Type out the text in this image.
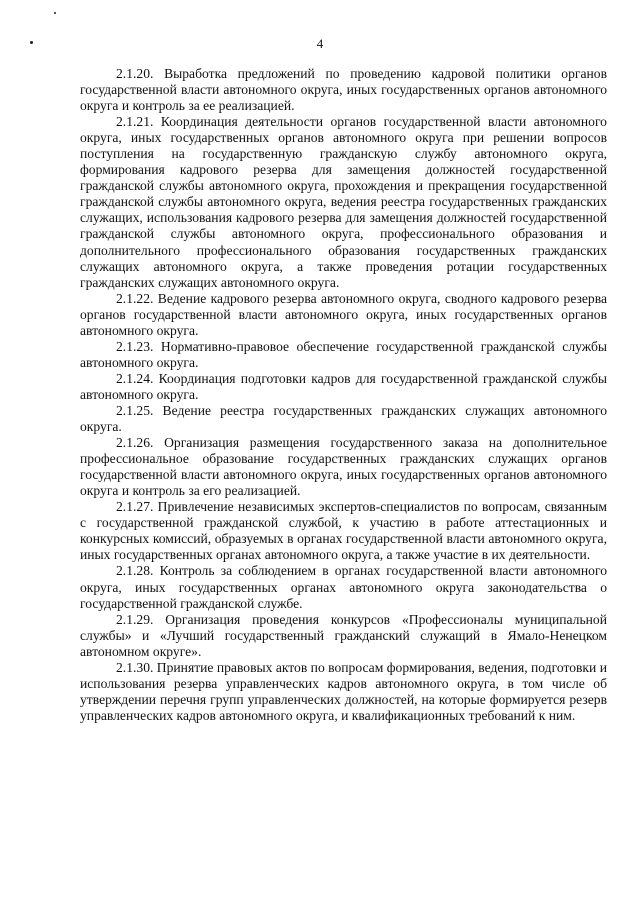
4

2.1.20. Выработка предложений по проведению кадровой политики органов государственной власти автономного округа, иных государственных органов автономного округа и контроль за ее реализацией.

2.1.21. Координация деятельности органов государственной власти автономного округа, иных государственных органов автономного округа при решении вопросов поступления на государственную гражданскую службу автономного округа, формирования кадрового резерва для замещения должностей государственной гражданской службы автономного округа, прохождения и прекращения государственной гражданской службы автономного округа, ведения реестра государственных гражданских служащих, использования кадрового резерва для замещения должностей государственной гражданской службы автономного округа, профессионального образования и дополнительного профессионального образования государственных гражданских служащих автономного округа, а также проведения ротации государственных гражданских служащих автономного округа.

2.1.22. Ведение кадрового резерва автономного округа, сводного кадрового резерва органов государственной власти автономного округа, иных государственных органов автономного округа.

2.1.23. Нормативно-правовое обеспечение государственной гражданской службы автономного округа.

2.1.24. Координация подготовки кадров для государственной гражданской службы автономного округа.

2.1.25. Ведение реестра государственных гражданских служащих автономного округа.

2.1.26. Организация размещения государственного заказа на дополнительное профессиональное образование государственных гражданских служащих органов государственной власти автономного округа, иных государственных органов автономного округа и контроль за его реализацией.

2.1.27. Привлечение независимых экспертов-специалистов по вопросам, связанным с государственной гражданской службой, к участию в работе аттестационных и конкурсных комиссий, образуемых в органах государственной власти автономного округа, иных государственных органах автономного округа, а также участие в их деятельности.

2.1.28. Контроль за соблюдением в органах государственной власти автономного округа, иных государственных органах автономного округа законодательства о государственной гражданской службе.

2.1.29. Организация проведения конкурсов «Профессионалы муниципальной службы» и «Лучший государственный гражданский служащий в Ямало-Ненецком автономном округе».

2.1.30. Принятие правовых актов по вопросам формирования, ведения, подготовки и использования резерва управленческих кадров автономного округа, в том числе об утверждении перечня групп управленческих должностей, на которые формируется резерв управленческих кадров автономного округа, и квалификационных требований к ним.
